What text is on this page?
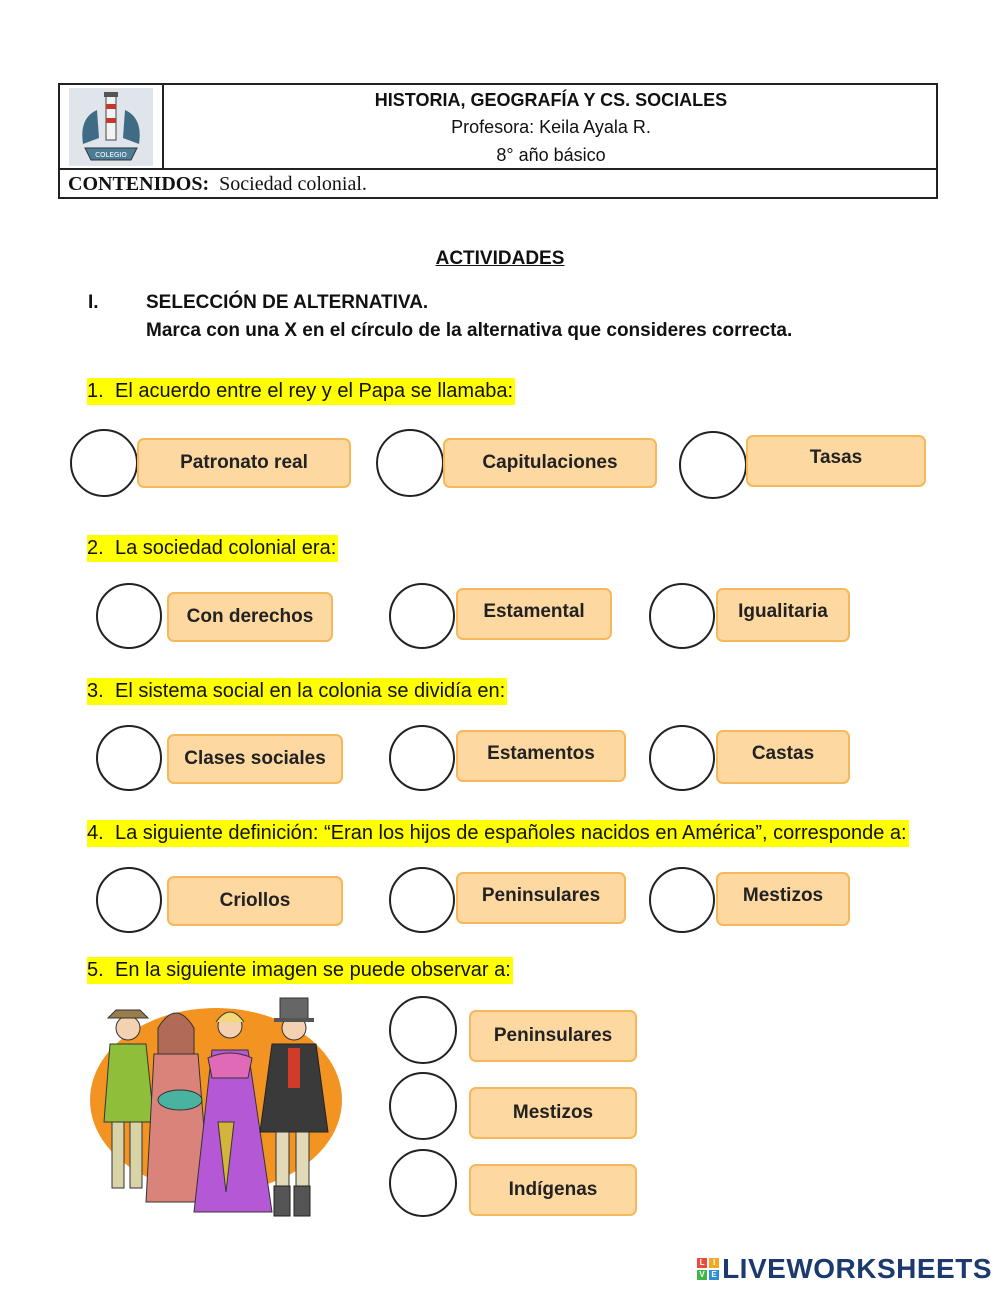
COLEGIO
HISTORIA, GEOGRAFÍA Y CS. SOCIALES
Profesora: Keila Ayala R.
8° año básico
CONTENIDOS: Sociedad colonial.
ACTIVIDADES
I. SELECCIÓN DE ALTERNATIVA.
Marca con una X en el círculo de la alternativa que consideres correcta.
1. El acuerdo entre el rey y el Papa se llamaba:
Patronato real	Capitulaciones	Tasas
2. La sociedad colonial era:
Con derechos	Estamental	Igualitaria
3. El sistema social en la colonia se dividía en:
Clases sociales	Estamentos	Castas
4. La siguiente definición: “Eran los hijos de españoles nacidos en América”, corresponde a:
Criollos	Peninsulares	Mestizos
5. En la siguiente imagen se puede observar a:
Peninsulares
Mestizos
Indígenas
L	I
V E LIVEWORKSHEETS
